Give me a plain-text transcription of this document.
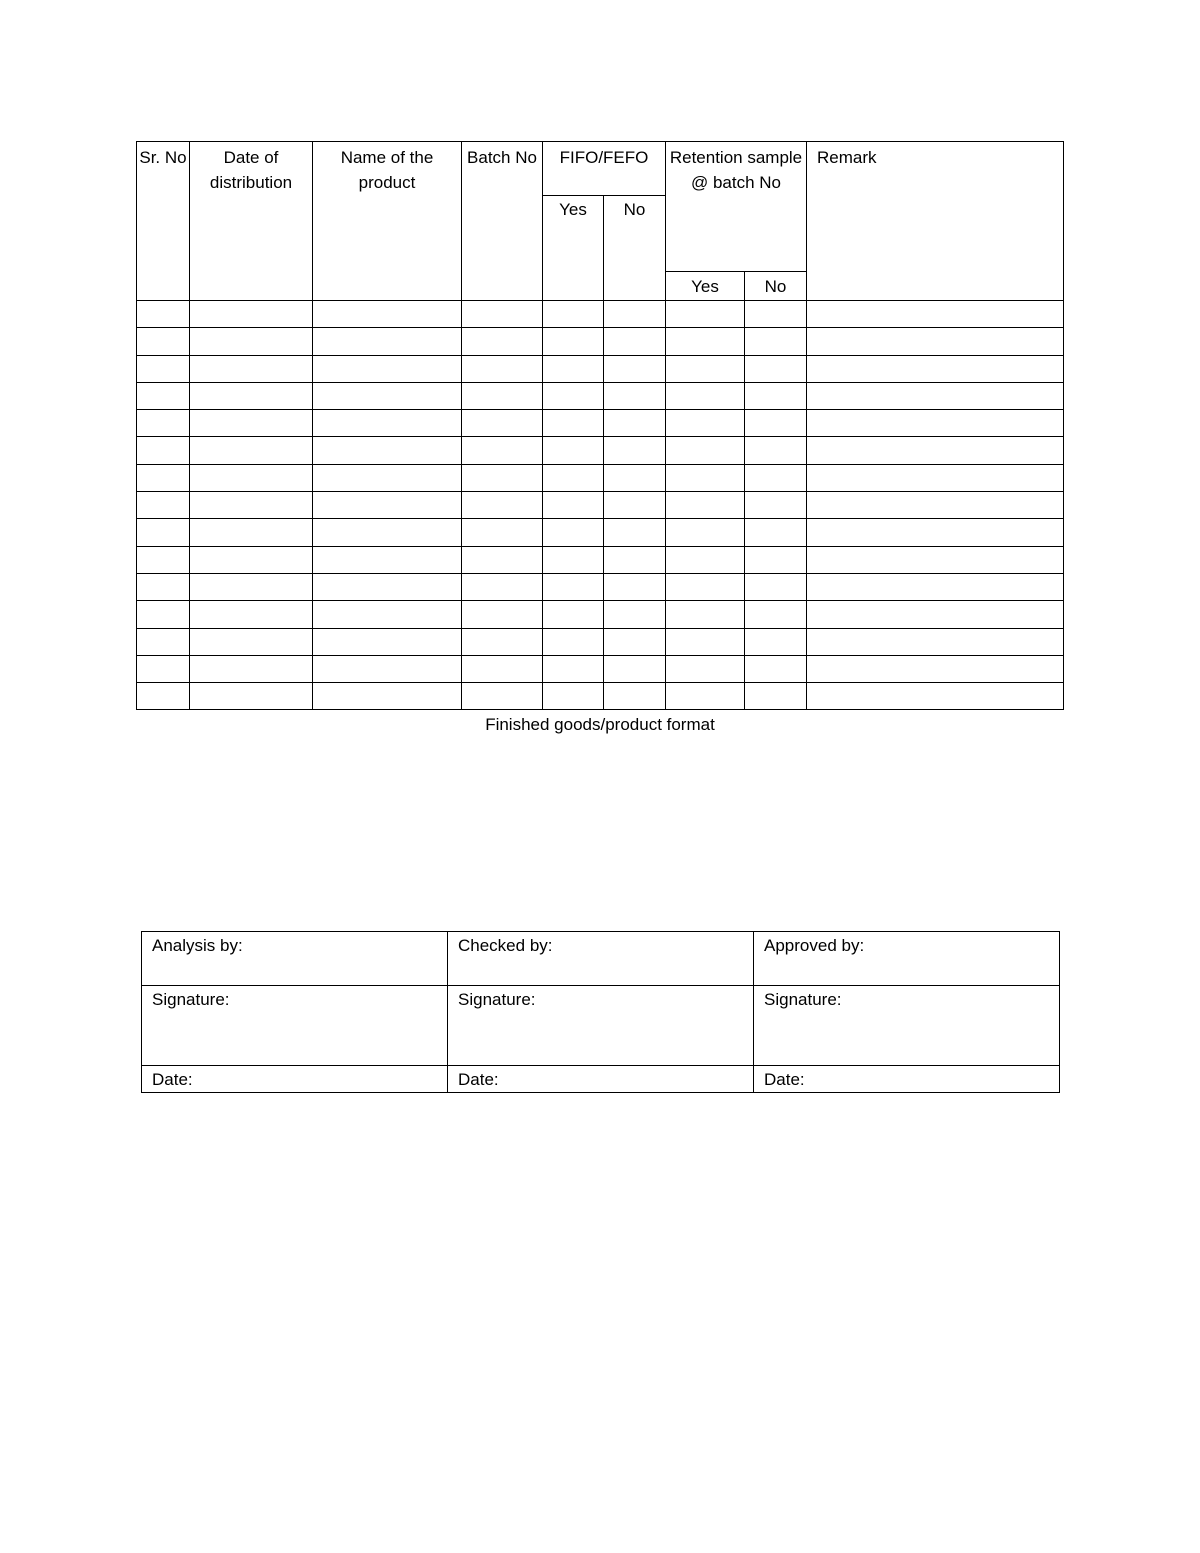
Sr. No	Date of distribution	Name of the product	Batch No	FIFO/FEFO		Retention sample @ batch No		Remark
				Yes	No			
						Yes	No	

Finished goods/product format
Analysis by:	Checked by:	Approved by:
Signature:	Signature:	Signature:
Date:	Date:	Date:
